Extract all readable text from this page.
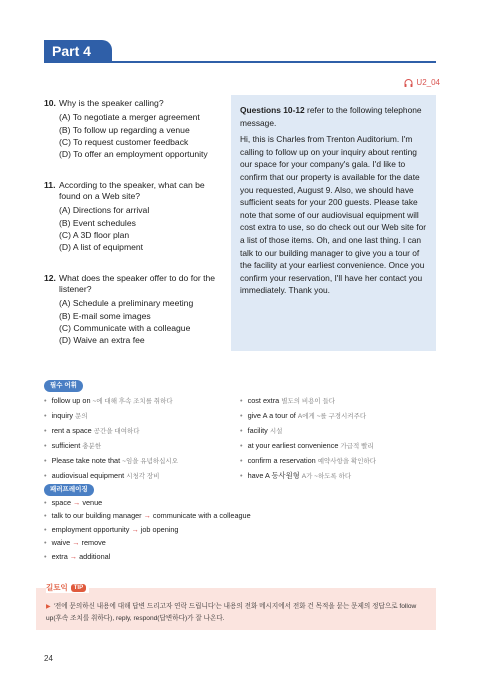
Part 4
U2_04
10. Why is the speaker calling?
(A) To negotiate a merger agreement
(B) To follow up regarding a venue
(C) To request customer feedback
(D) To offer an employment opportunity
11. According to the speaker, what can be found on a Web site?
(A) Directions for arrival
(B) Event schedules
(C) A 3D floor plan
(D) A list of equipment
12. What does the speaker offer to do for the listener?
(A) Schedule a preliminary meeting
(B) E-mail some images
(C) Communicate with a colleague
(D) Waive an extra fee
Questions 10-12 refer to the following telephone message.
Hi, this is Charles from Trenton Auditorium. I'm calling to follow up on your inquiry about renting our space for your company's gala. I'd like to confirm that our property is available for the date you requested, August 9. Also, we should have sufficient seats for your 200 guests. Please take note that some of our audiovisual equipment will cost extra to use, so do check out our Web site for a list of those items. Oh, and one last thing. I can talk to our building manager to give you a tour of the facility at your earliest convenience. Once you confirm your reservation, I'll have her contact you immediately. Thank you.
필수 어휘
• follow up on ~에 대해 후속 조치를 취하다
• inquiry 문의
• rent a space 공간을 대여하다
• sufficient 충분한
• Please take note that ~임을 유념하십시오
• audiovisual equipment 시청각 장비
• cost extra 별도의 비용이 들다
• give A a tour of A에게 ~를 구경시켜주다
• facility 시설
• at your earliest convenience 가급적 빨리
• confirm a reservation 예약사항을 확인하다
• have A 동사원형 A가 ~하도록 하다
패러프레이징
• space → venue
• talk to our building manager → communicate with a colleague
• employment opportunity → job opening
• waive → remove
• extra → additional
길토익	TIP
▶ '전에 문의하신 내용에 대해 답변 드리고자 연락 드립니다'는 내용의 전화 메시지에서 전화 건 목적을 묻는 문제의 정답으로 follow up(후속 조치를 취하다), reply, respond(답변하다)가 잘 나온다.
24
